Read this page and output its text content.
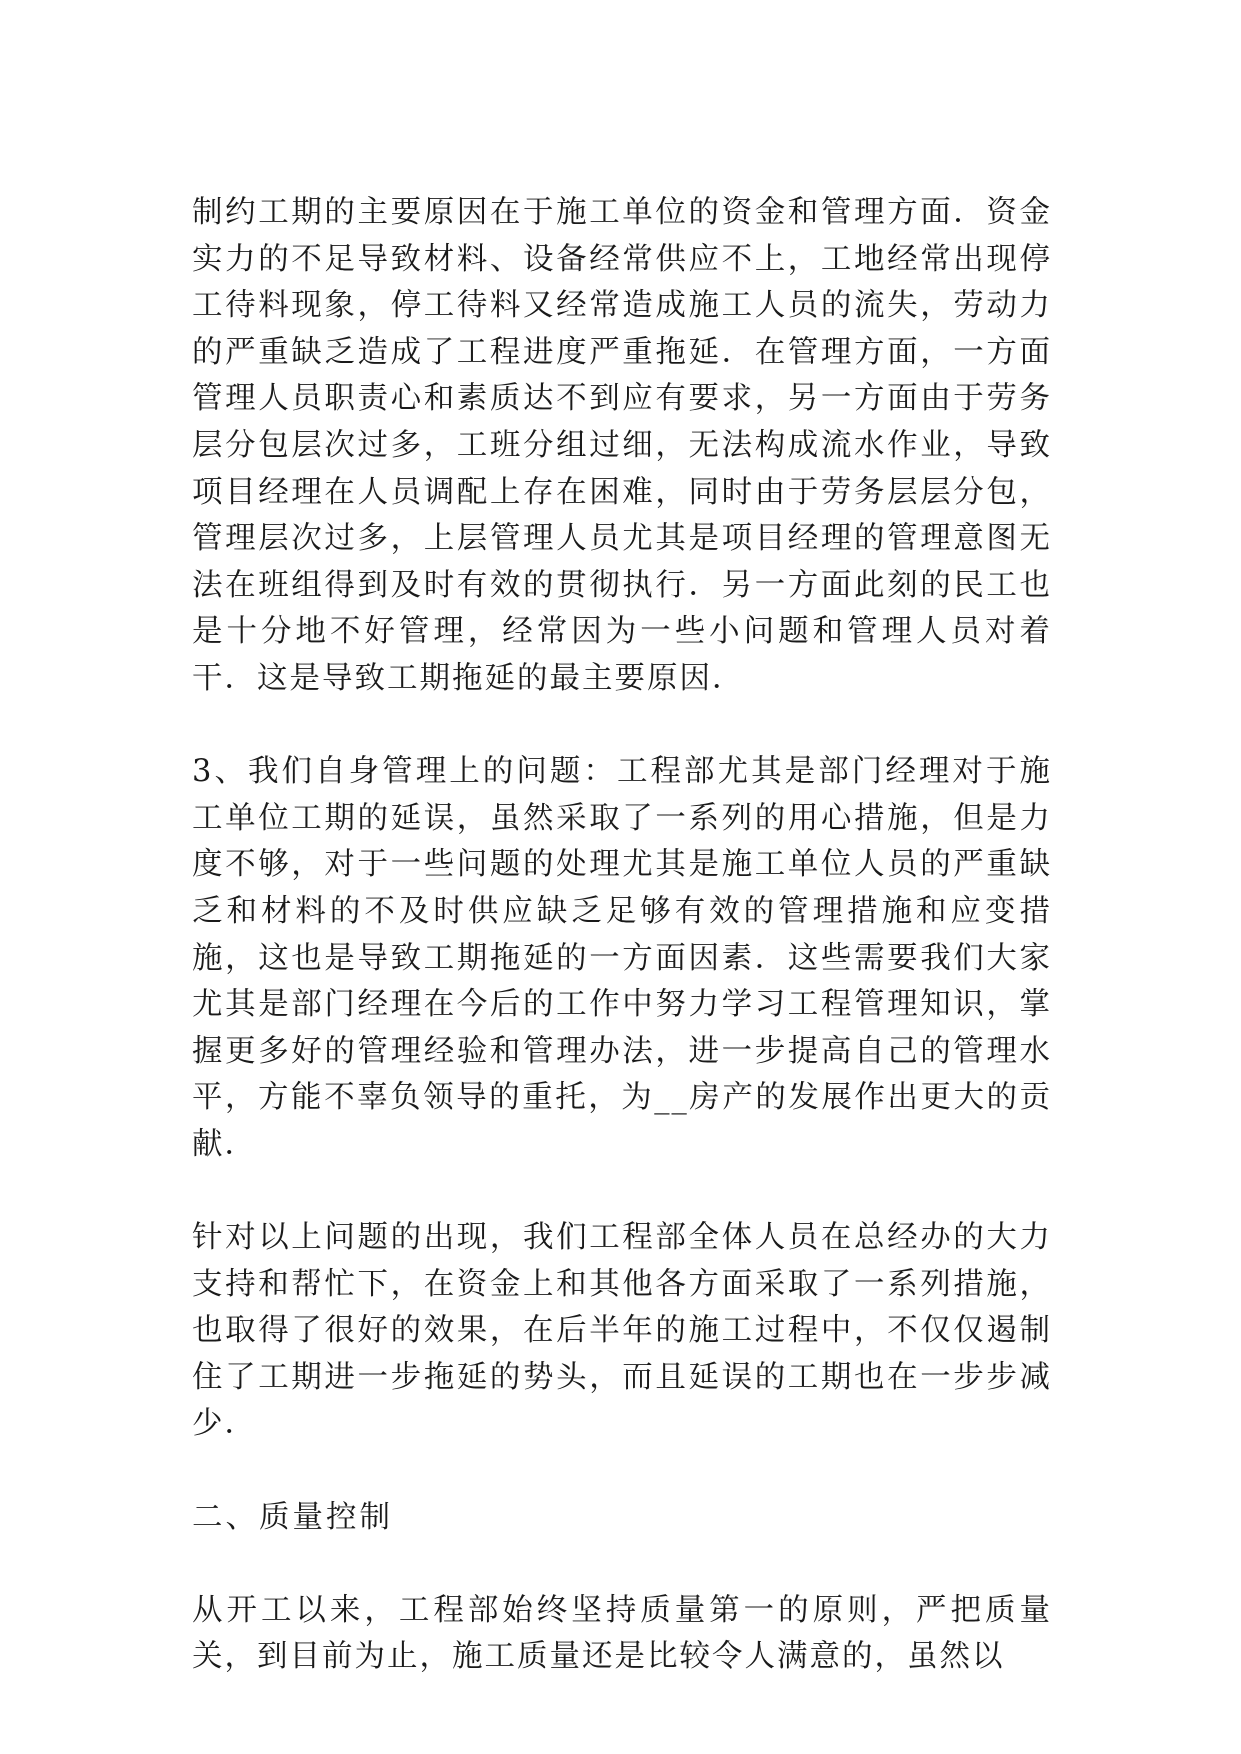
制约工期的主要原因在于施工单位的资金和管理方面．资金实力的不足导致材料、设备经常供应不上，工地经常出现停工待料现象，停工待料又经常造成施工人员的流失，劳动力的严重缺乏造成了工程进度严重拖延．在管理方面，一方面管理人员职责心和素质达不到应有要求，另一方面由于劳务层分包层次过多，工班分组过细，无法构成流水作业，导致项目经理在人员调配上存在困难，同时由于劳务层层分包，管理层次过多，上层管理人员尤其是项目经理的管理意图无法在班组得到及时有效的贯彻执行．另一方面此刻的民工也是十分地不好管理，经常因为一些小问题和管理人员对着干．这是导致工期拖延的最主要原因．

3、我们自身管理上的问题：工程部尤其是部门经理对于施工单位工期的延误，虽然采取了一系列的用心措施，但是力度不够，对于一些问题的处理尤其是施工单位人员的严重缺乏和材料的不及时供应缺乏足够有效的管理措施和应变措施，这也是导致工期拖延的一方面因素．这些需要我们大家尤其是部门经理在今后的工作中努力学习工程管理知识，掌握更多好的管理经验和管理办法，进一步提高自己的管理水平，方能不辜负领导的重托，为__房产的发展作出更大的贡献．

针对以上问题的出现，我们工程部全体人员在总经办的大力支持和帮忙下，在资金上和其他各方面采取了一系列措施，也取得了很好的效果，在后半年的施工过程中，不仅仅遏制住了工期进一步拖延的势头，而且延误的工期也在一步步减少．

二、质量控制

从开工以来，工程部始终坚持质量第一的原则，严把质量关，到目前为止，施工质量还是比较令人满意的，虽然以
